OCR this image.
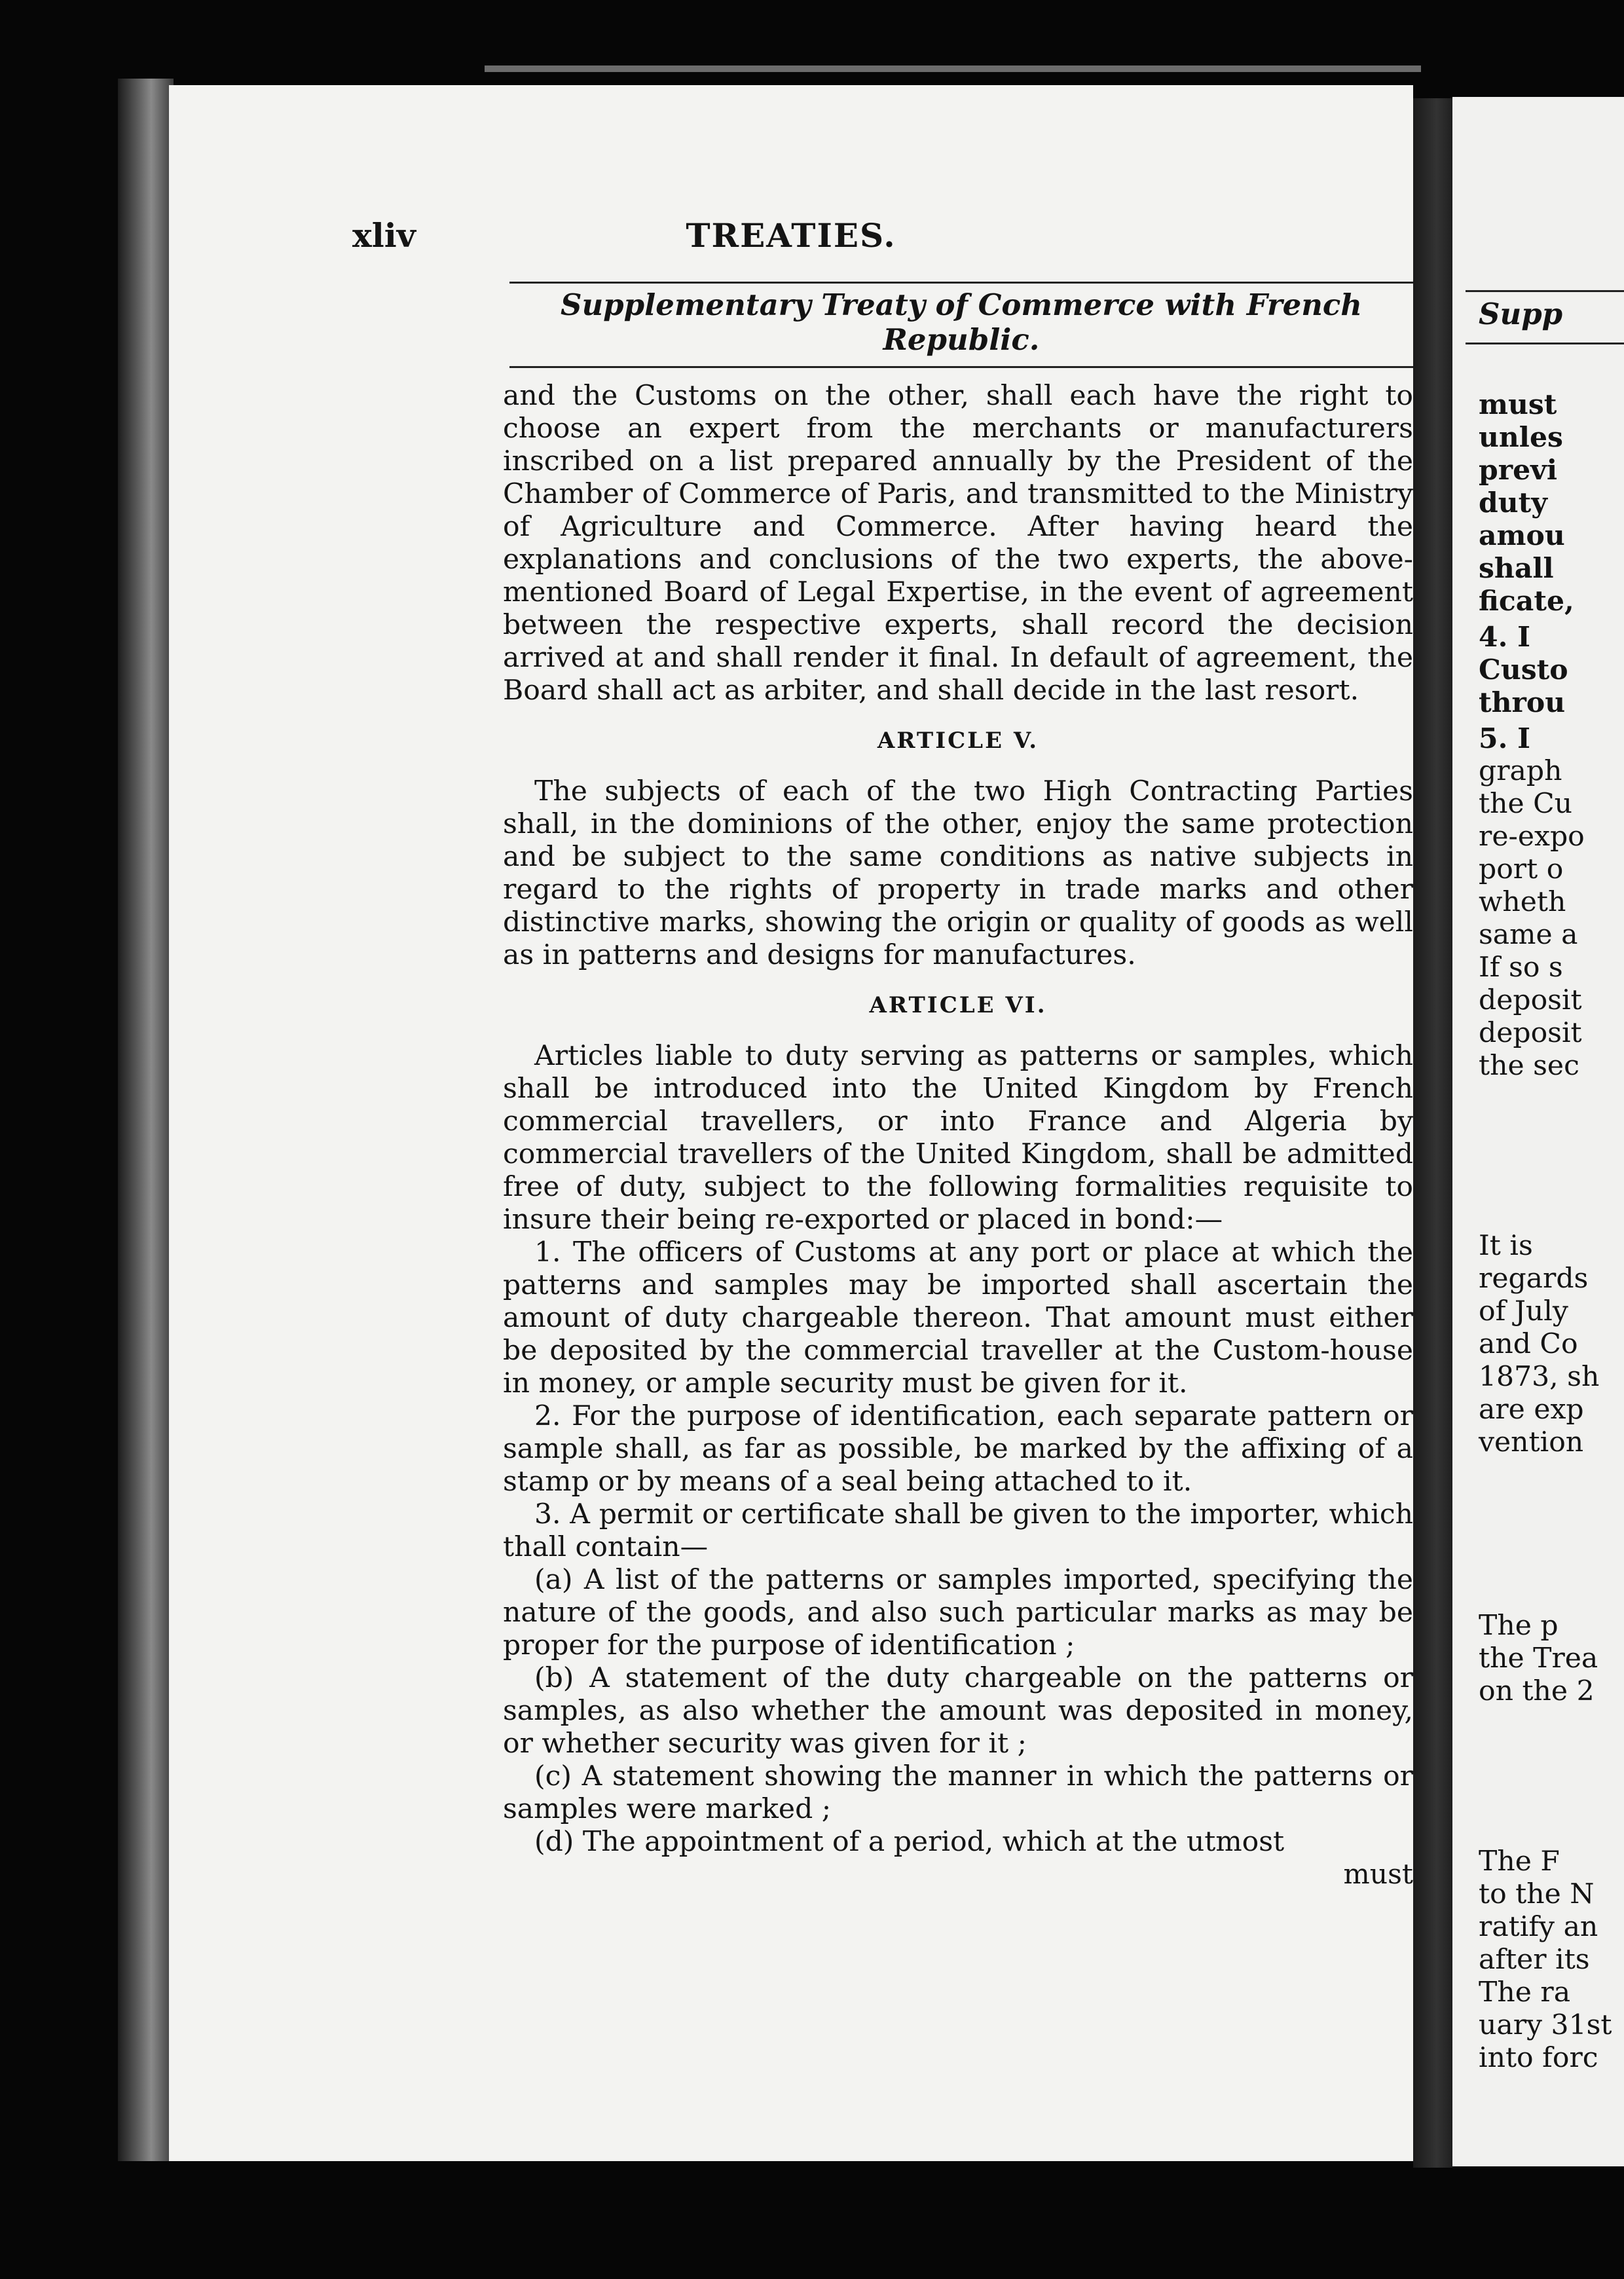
xliv	TREATIES.
Supplementary Treaty of Commerce with French Republic.

and the Customs on the other, shall each have the right to choose an expert from the merchants or manufacturers inscribed on a list prepared annually by the President of the Chamber of Commerce of Paris, and transmitted to the Ministry of Agriculture and Commerce. After having heard the explanations and conclusions of the two experts, the above-mentioned Board of Legal Expertise, in the event of agreement between the respective experts, shall record the decision arrived at and shall render it final. In default of agreement, the Board shall act as arbiter, and shall decide in the last resort.

ARTICLE V.

The subjects of each of the two High Contracting Parties shall, in the dominions of the other, enjoy the same protection and be subject to the same conditions as native subjects in regard to the rights of property in trade marks and other distinctive marks, showing the origin or quality of goods as well as in patterns and designs for manufactures.

ARTICLE VI.

Articles liable to duty serving as patterns or samples, which shall be introduced into the United Kingdom by French commercial travellers, or into France and Algeria by commercial travellers of the United Kingdom, shall be admitted free of duty, subject to the following formalities requisite to insure their being re-exported or placed in bond:—

1. The officers of Customs at any port or place at which the patterns and samples may be imported shall ascertain the amount of duty chargeable thereon. That amount must either be deposited by the commercial traveller at the Custom-house in money, or ample security must be given for it.

2. For the purpose of identification, each separate pattern or sample shall, as far as possible, be marked by the affixing of a stamp or by means of a seal being attached to it.

3. A permit or certificate shall be given to the importer, which thall contain—

(a) A list of the patterns or samples imported, specifying the nature of the goods, and also such particular marks as may be proper for the purpose of identification ;

(b) A statement of the duty chargeable on the patterns or samples, as also whether the amount was deposited in money, or whether security was given for it ;

(c) A statement showing the manner in which the patterns or samples were marked ;

(d) The appointment of a period, which at the utmost

must

Supp
must
unles
previ
duty
amou
shall
ficate,
4. I
Custo
throu
5. I
graph
the Cu
re-expo
port o
wheth
same a
If so s
deposit
deposit
the sec
It is
regards
of July
and Co
1873, sh
are exp
vention
The p
the Trea
on the 2
The F
to the N
ratify an
after its
The ra
uary 31st
into forc
